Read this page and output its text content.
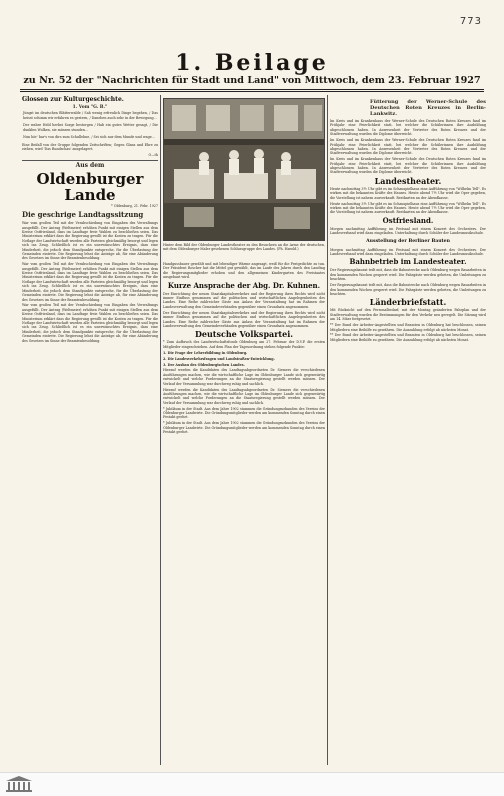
773
1. Beilage
zu Nr. 52 der "Nachrichten für Stadt und Land" von Mittwoch, dem 23. Februar 1927
Glossen zur Kulturgeschichte.
1. Vom "G. B."
Jüngst im deutschen Blätterwalde / Sah wenig erfreulich Dinge begehen, / Das heisst schimm wir erfahren es gestern, / Daneben auch sehr in der Bewegung...
Der wahre Held herbei Sorge bestorgen / Hab ein gutes Wetter gesagt, / Die dunklen Wolken, sie müssen stunden...
Nun hör' bar's von dirs zum Schullehne, / Sei sich nur dem Munde und wage...

Eine Beifall von der Gruppe folgenden Zeitschriften; Gegen Glanz und Ehre zu ziehen, wird 'Das Rundschau' ausgelagert.

O—th
Aus dem
Oldenburger Lande
* Oldenburg, 21. Febr. 1927
Die geschrige Landtagssitzung

War vom großen Teil mit der Verabschiedung von Eingaben des Verwaltungs ausgefüllt. Der Antrag (Weltmeier) erhöhen Punkt mit einigen Stellen aus dem Kreise Ostfriesland, dass im Landtage freie Wahlen zu beschließen seien. Das Ministerium erklärt dass die Regierung gewillt ist die Kosten zu tragen. Für die Notlage der Landwirtschaft wurden alle Parteien gleichmäßig besorgt und legen sich ins Zeug. Schließlich ist es ein unerwünschtes Ereignis, dass eine Minderheit, die jedoch dem Standpunkte entspreche, für die Überlastung der Gemeinden eintrete. Die Regierung lehnt die Anträge ab, für eine Abänderung des Gesetzes im Sinne der Beamtenbesoldung.

War vom großen Teil mit der Verabschiedung von Eingaben des Verwaltungs ausgefüllt. Der Antrag (Weltmeier) erhöhen Punkt mit einigen Stellen aus dem Kreise Ostfriesland, dass im Landtage freie Wahlen zu beschließen seien. Das Ministerium erklärt dass die Regierung gewillt ist die Kosten zu tragen. Für die Notlage der Landwirtschaft wurden alle Parteien gleichmäßig besorgt und legen sich ins Zeug. Schließlich ist es ein unerwünschtes Ereignis, dass eine Minderheit, die jedoch dem Standpunkte entspreche, für die Überlastung der Gemeinden eintrete. Die Regierung lehnt die Anträge ab, für eine Abänderung des Gesetzes im Sinne der Beamtenbesoldung.

War vom großen Teil mit der Verabschiedung von Eingaben des Verwaltungs ausgefüllt. Der Antrag (Weltmeier) erhöhen Punkt mit einigen Stellen aus dem Kreise Ostfriesland, dass im Landtage freie Wahlen zu beschließen seien. Das Ministerium erklärt dass die Regierung gewillt ist die Kosten zu tragen. Für die Notlage der Landwirtschaft wurden alle Parteien gleichmäßig besorgt und legen sich ins Zeug. Schließlich ist es ein unerwünschtes Ereignis, dass eine Minderheit, die jedoch dem Standpunkte entspreche, für die Überlastung der Gemeinden eintrete. Die Regierung lehnt die Anträge ab, für eine Abänderung des Gesetzes im Sinne der Beamtenbesoldung.

Hinter dem Bild der Oldenburger Landestheater zu den Besuchern an die Arme der deutschen, mit dem Oldenburger Maler gesehenen Schlussgruppe des Landes. (Ph. Harold.)

Handgussbauer gewählt und mit lebendiger Wärme angesagt, weiß für die Festgedichte zu tun. Der Präsident Roscher hat die Mittel gut gewählt, das im Laufe des Jahres durch den Landtag die Regierungsmitglieder erhoben und den allgemeinen Kindergarten des Freistaates ausgebaut wird.

Kurze Ansprache der Abg. Dr. Kuhnen.

Der Einrichtung der neuen Staatskapitalsverkehrs und der Regierung ihres Rechts wird nicht immer Einfluss genommen auf die politischen und wirtschaftlichen Angelegenheiten des Landes. Eine Reihe zahlreicher Gäste aus Anlass der Veranstaltung hat im Rahmen der Landesverwaltung den Gemeindeverbänden gegenüber einen Grundsatz angenommen.

Der Einrichtung der neuen Staatskapitalsverkehrs und der Regierung ihres Rechts wird nicht immer Einfluss genommen auf die politischen und wirtschaftlichen Angelegenheiten des Landes. Eine Reihe zahlreicher Gäste aus Anlass der Veranstaltung hat im Rahmen der Landesverwaltung den Gemeindeverbänden gegenüber einen Grundsatz angenommen.

Deutsche Volkspartei.

* Zum Aufbruch des Landwirtschaftsfonds Oldenburg am 27. Februar der D.V.P. die ersten Mitglieder eingeschrieben. Auf dem Plan der Tagesordnung stehen folgende Punkte:

1. Die Frage der Lehrerbildung in Oldenburg.

2. Die Landesverkehrsfragen und Landstraßen-Entwicklung.

3. Der Ausbau des Oldenburgischen Landes.

Hierauf werden die Kandidaten des Landtagsabgeordneten Dr. Siemers die verschiedenen Ausführungen machen, wie die wirtschaftliche Lage im Oldenburger Lande sich gegenwärtig entwickelt und welche Forderungen an die Staatsregierung gestellt werden müssen. Der Verlauf der Versammlung war durchweg ruhig und sachlich.

Hierauf werden die Kandidaten des Landtagsabgeordneten Dr. Siemers die verschiedenen Ausführungen machen, wie die wirtschaftliche Lage im Oldenburger Lande sich gegenwärtig entwickelt und welche Forderungen an die Staatsregierung gestellt werden müssen. Der Verlauf der Versammlung war durchweg ruhig und sachlich.

* Jubiläum in der Stadt. Aus dem Jahre 1902 stammen die Gründungsurkunden des Vereins der Oldenburger Landwirte. Die Gründungsmitglieder werden am kommenden Sonntag durch einen Festakt geehrt.

* Jubiläum in der Stadt. Aus dem Jahre 1902 stammen die Gründungsurkunden des Vereins der Oldenburger Landwirte. Die Gründungsmitglieder werden am kommenden Sonntag durch einen Festakt geehrt.

Fütterung der Werner-Schule des Deutschen Roten Kreuzes in Berlin-Lankwitz.

Im Kreis und im Krankenhaus der Werner-Schule des Deutschen Roten Kreuzes fand im Frühjahr eine Feierlichkeit statt, bei welcher die Schülerinnen ihre Ausbildung abgeschlossen haben. In Anwesenheit der Vertreter des Roten Kreuzes und der Stadtverwaltung wurden die Diplome überreicht.

Im Kreis und im Krankenhaus der Werner-Schule des Deutschen Roten Kreuzes fand im Frühjahr eine Feierlichkeit statt, bei welcher die Schülerinnen ihre Ausbildung abgeschlossen haben. In Anwesenheit der Vertreter des Roten Kreuzes und der Stadtverwaltung wurden die Diplome überreicht.

Im Kreis und im Krankenhaus der Werner-Schule des Deutschen Roten Kreuzes fand im Frühjahr eine Feierlichkeit statt, bei welcher die Schülerinnen ihre Ausbildung abgeschlossen haben. In Anwesenheit der Vertreter des Roten Kreuzes und der Stadtverwaltung wurden die Diplome überreicht.

Landestheater.

Heute nachmittag 3½ Uhr gibt es im Schauspielhaus eine Aufführung von "Wilhelm Tell". Es wirken mit die bekannten Kräfte des Hauses. Heute abend 7½ Uhr wird die Oper gegeben, die Vorstellung ist nahezu ausverkauft. Restkarten an der Abendkasse.

Heute nachmittag 3½ Uhr gibt es im Schauspielhaus eine Aufführung von "Wilhelm Tell". Es wirken mit die bekannten Kräfte des Hauses. Heute abend 7½ Uhr wird die Oper gegeben, die Vorstellung ist nahezu ausverkauft. Restkarten an der Abendkasse.

Ostfriesland.

Morgen nachmittag Aufführung im Festsaal mit einem Konzert des Orchesters. Der Landesverband wird dazu eingeladen. Unterhaltung durch Schüler der Landesmusikschule.

Ausstellung der Berliner Bauten

Morgen nachmittag Aufführung im Festsaal mit einem Konzert des Orchesters. Der Landesverband wird dazu eingeladen. Unterhaltung durch Schüler der Landesmusikschule.

Bahnbetrieb im Landesteater.

Der Regierungsbaurat teilt mit, dass die Bahnstrecke nach Oldenburg wegen Bauarbeiten in den kommenden Wochen gesperrt wird. Die Fahrgäste werden gebeten, die Umleitungen zu beachten.

Der Regierungsbaurat teilt mit, dass die Bahnstrecke nach Oldenburg wegen Bauarbeiten in den kommenden Wochen gesperrt wird. Die Fahrgäste werden gebeten, die Umleitungen zu beachten.

Länderbriefstatt.

Mit Rücksicht auf den Personalbedarf, mit der Montag geänderten Fahrplan und der Stadtverwaltung wurden die Bestimmungen für den Verkehr neu geregelt. Die Sitzung wird am 14. März fortgesetzt.

** Der Bund der Arbeiter-Angestellten und Beamten in Oldenburg hat beschlossen, seinen Mitgliedern eine Beihilfe zu gewähren. Die Auszahlung erfolgt ab nächsten Monat.

** Der Bund der Arbeiter-Angestellten und Beamten in Oldenburg hat beschlossen, seinen Mitgliedern eine Beihilfe zu gewähren. Die Auszahlung erfolgt ab nächsten Monat.
